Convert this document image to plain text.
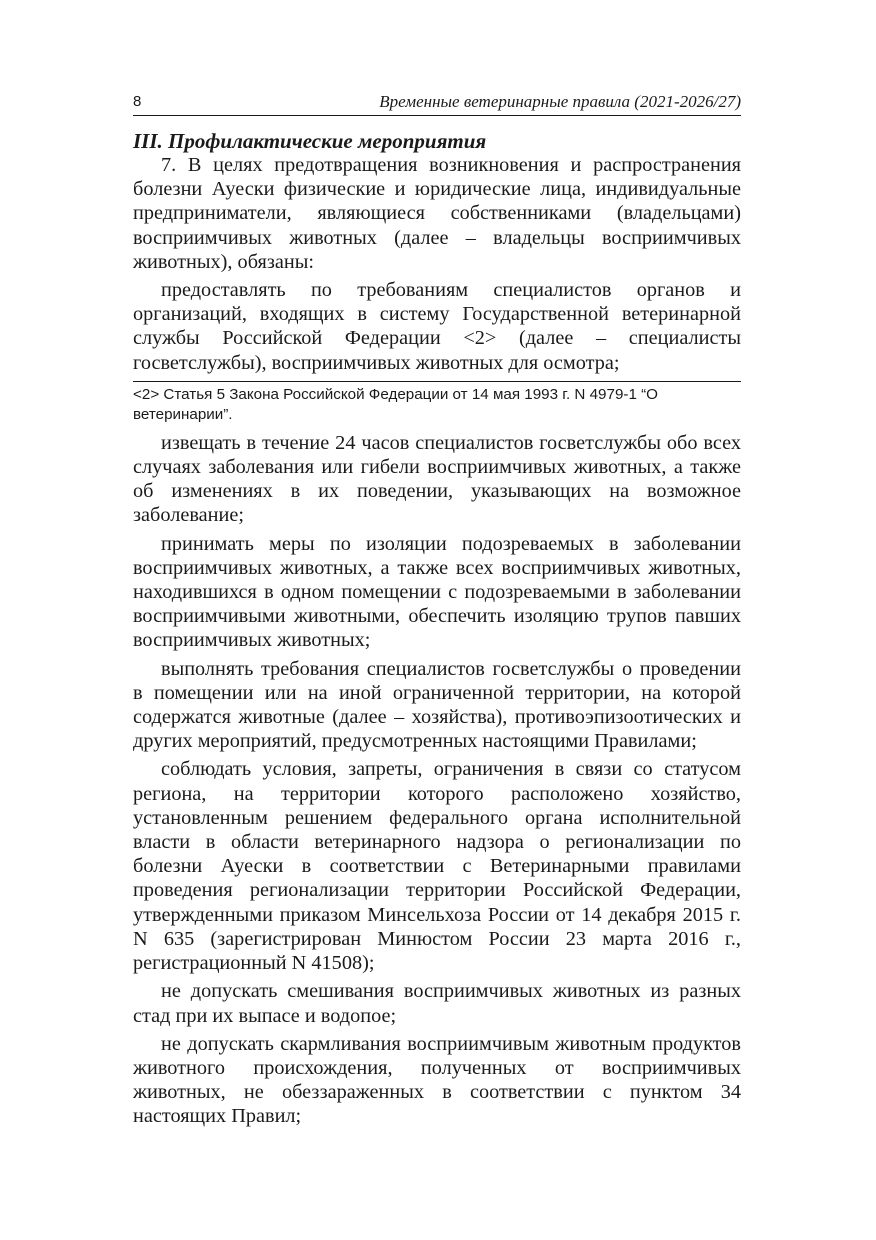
8	Временные ветеринарные правила (2021-2026/27)
III. Профилактические мероприятия

7. В целях предотвращения возникновения и распространения болезни Ауески физические и юридические лица, индивидуальные предприниматели, являющиеся собственниками (владельцами) восприимчивых животных (далее – владельцы восприимчивых животных), обязаны:

предоставлять по требованиям специалистов органов и организаций, входящих в систему Государственной ветеринарной службы Российской Федерации <2> (далее – специалисты госветслужбы), восприимчивых животных для осмотра;

<2> Статья 5 Закона Российской Федерации от 14 мая 1993 г. N 4979-1 “О ветеринарии”.

извещать в течение 24 часов специалистов госветслужбы обо всех случаях заболевания или гибели восприимчивых животных, а также об изменениях в их поведении, указывающих на возможное заболевание;

принимать меры по изоляции подозреваемых в заболевании восприимчивых животных, а также всех восприимчивых животных, находившихся в одном помещении с подозреваемыми в заболевании восприимчивыми животными, обеспечить изоляцию трупов павших восприимчивых животных;

выполнять требования специалистов госветслужбы о проведении в помещении или на иной ограниченной территории, на которой содержатся животные (далее – хозяйства), противоэпизоотических и других мероприятий, предусмотренных настоящими Правилами;

соблюдать условия, запреты, ограничения в связи со статусом региона, на территории которого расположено хозяйство, установленным решением федерального органа исполнительной власти в области ветеринарного надзора о регионализации по болезни Ауески в соответствии с Ветеринарными правилами проведения регионализации территории Российской Федерации, утвержденными приказом Минсельхоза России от 14 декабря 2015 г. N 635 (зарегистрирован Минюстом России 23 марта 2016 г., регистрационный N 41508);

не допускать смешивания восприимчивых животных из разных стад при их выпасе и водопое;

не допускать скармливания восприимчивым животным продуктов животного происхождения, полученных от восприимчивых животных, не обеззараженных в соответствии с пунктом 34 настоящих Правил;
